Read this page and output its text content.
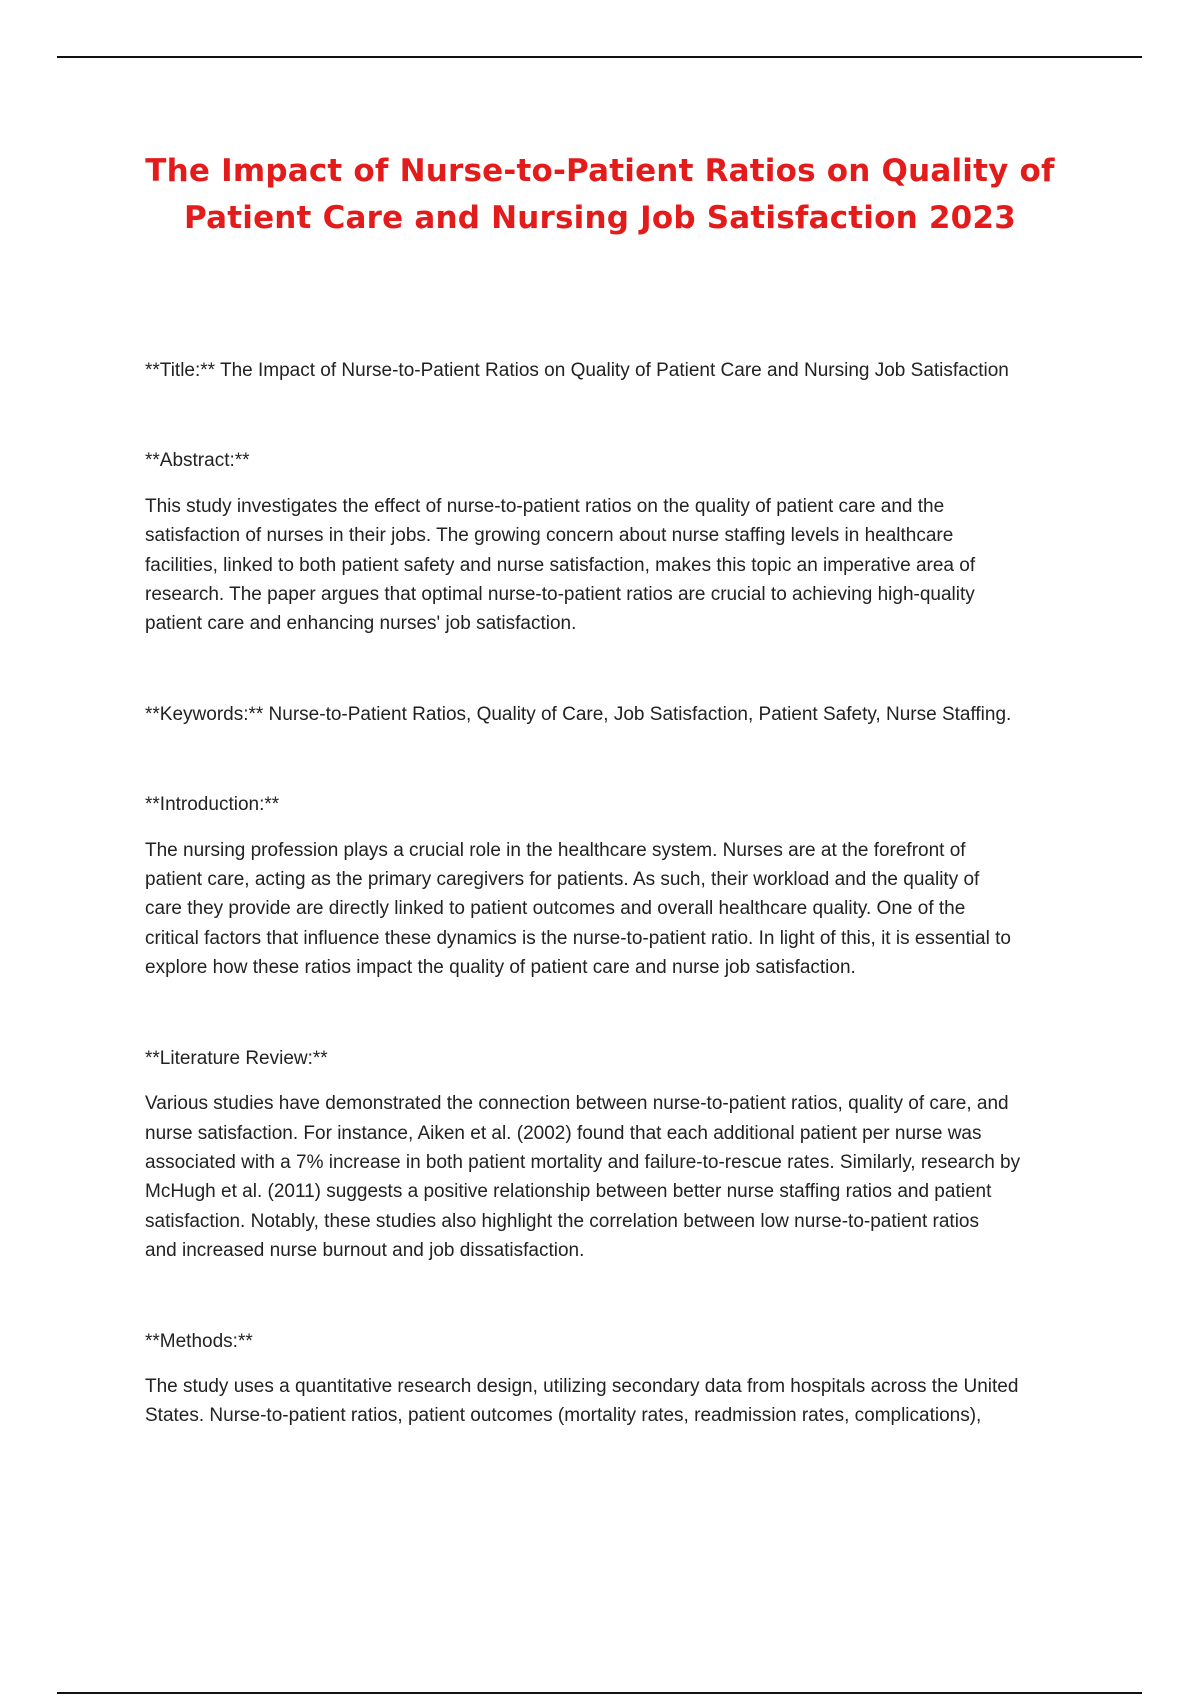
The Impact of Nurse-to-Patient Ratios on Quality of Patient Care and Nursing Job Satisfaction 2023

**Title:** The Impact of Nurse-to-Patient Ratios on Quality of Patient Care and Nursing Job Satisfaction

**Abstract:**

This study investigates the effect of nurse-to-patient ratios on the quality of patient care and the
satisfaction of nurses in their jobs. The growing concern about nurse staffing levels in healthcare
facilities, linked to both patient safety and nurse satisfaction, makes this topic an imperative area of
research. The paper argues that optimal nurse-to-patient ratios are crucial to achieving high-quality
patient care and enhancing nurses' job satisfaction.

**Keywords:** Nurse-to-Patient Ratios, Quality of Care, Job Satisfaction, Patient Safety, Nurse Staffing.

**Introduction:**

The nursing profession plays a crucial role in the healthcare system. Nurses are at the forefront of
patient care, acting as the primary caregivers for patients. As such, their workload and the quality of
care they provide are directly linked to patient outcomes and overall healthcare quality. One of the
critical factors that influence these dynamics is the nurse-to-patient ratio. In light of this, it is essential to
explore how these ratios impact the quality of patient care and nurse job satisfaction.

**Literature Review:**

Various studies have demonstrated the connection between nurse-to-patient ratios, quality of care, and
nurse satisfaction. For instance, Aiken et al. (2002) found that each additional patient per nurse was
associated with a 7% increase in both patient mortality and failure-to-rescue rates. Similarly, research by
McHugh et al. (2011) suggests a positive relationship between better nurse staffing ratios and patient
satisfaction. Notably, these studies also highlight the correlation between low nurse-to-patient ratios
and increased nurse burnout and job dissatisfaction.

**Methods:**

The study uses a quantitative research design, utilizing secondary data from hospitals across the United
States. Nurse-to-patient ratios, patient outcomes (mortality rates, readmission rates, complications),
